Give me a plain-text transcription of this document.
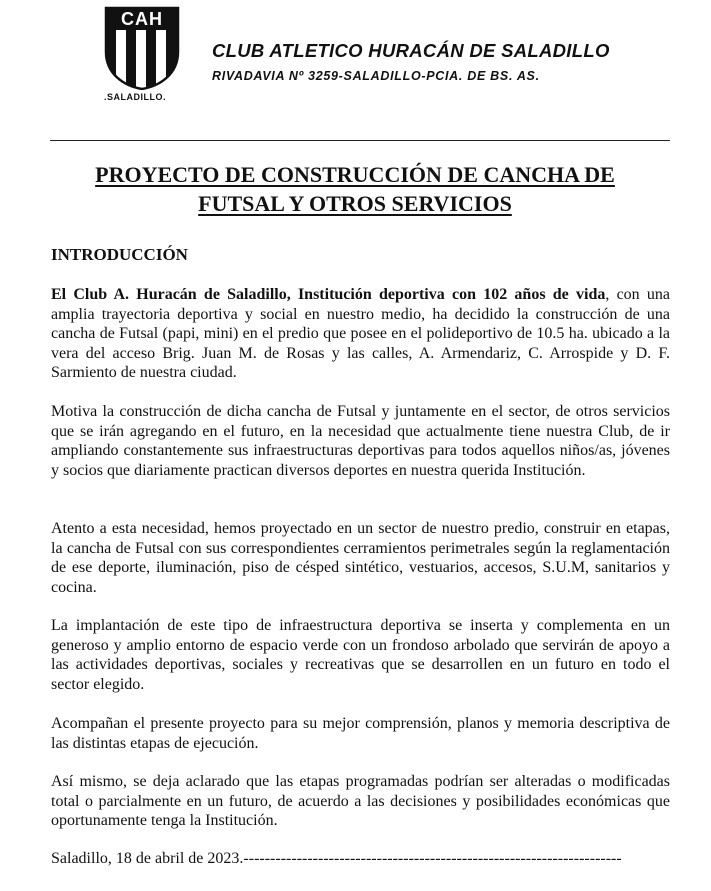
CAH
.SALADILLO.
CLUB ATLETICO HURACÁN DE SALADILLO
RIVADAVIA Nº 3259-SALADILLO-PCIA. DE BS. AS.
PROYECTO DE CONSTRUCCIÓN DE CANCHA DE
FUTSAL Y OTROS SERVICIOS
INTRODUCCIÓN
El Club A. Huracán de Saladillo, Institución deportiva con 102 años de vida, con una amplia trayectoria deportiva y social en nuestro medio, ha decidido la construcción de una cancha de Futsal (papi, mini) en el predio que posee en el polideportivo de 10.5 ha. ubicado a la vera del acceso Brig. Juan M. de Rosas y las calles, A. Armendariz, C. Arrospide y D. F. Sarmiento de nuestra ciudad.
Motiva la construcción de dicha cancha de Futsal y juntamente en el sector, de otros servicios que se irán agregando en el futuro, en la necesidad que actualmente tiene nuestra Club, de ir ampliando constantemente sus infraestructuras deportivas para todos aquellos niños/as, jóvenes y socios que diariamente practican diversos deportes en nuestra querida Institución.
Atento a esta necesidad, hemos proyectado en un sector de nuestro predio, construir en etapas, la cancha de Futsal con sus correspondientes cerramientos perimetrales según la reglamentación de ese deporte, iluminación, piso de césped sintético, vestuarios, accesos, S.U.M, sanitarios y cocina.
La implantación de este tipo de infraestructura deportiva se inserta y complementa en un generoso y amplio entorno de espacio verde con un frondoso arbolado que servirán de apoyo a las actividades deportivas, sociales y recreativas que se desarrollen en un futuro en todo el sector elegido.
Acompañan el presente proyecto para su mejor comprensión, planos y memoria descriptiva de las distintas etapas de ejecución.
Así mismo, se deja aclarado que las etapas programadas podrían ser alteradas o modificadas total o parcialmente en un futuro, de acuerdo a las decisiones y posibilidades económicas que oportunamente tenga la Institución.
Saladillo, 18 de abril de 2023.-----------------------------------------------------------------------
